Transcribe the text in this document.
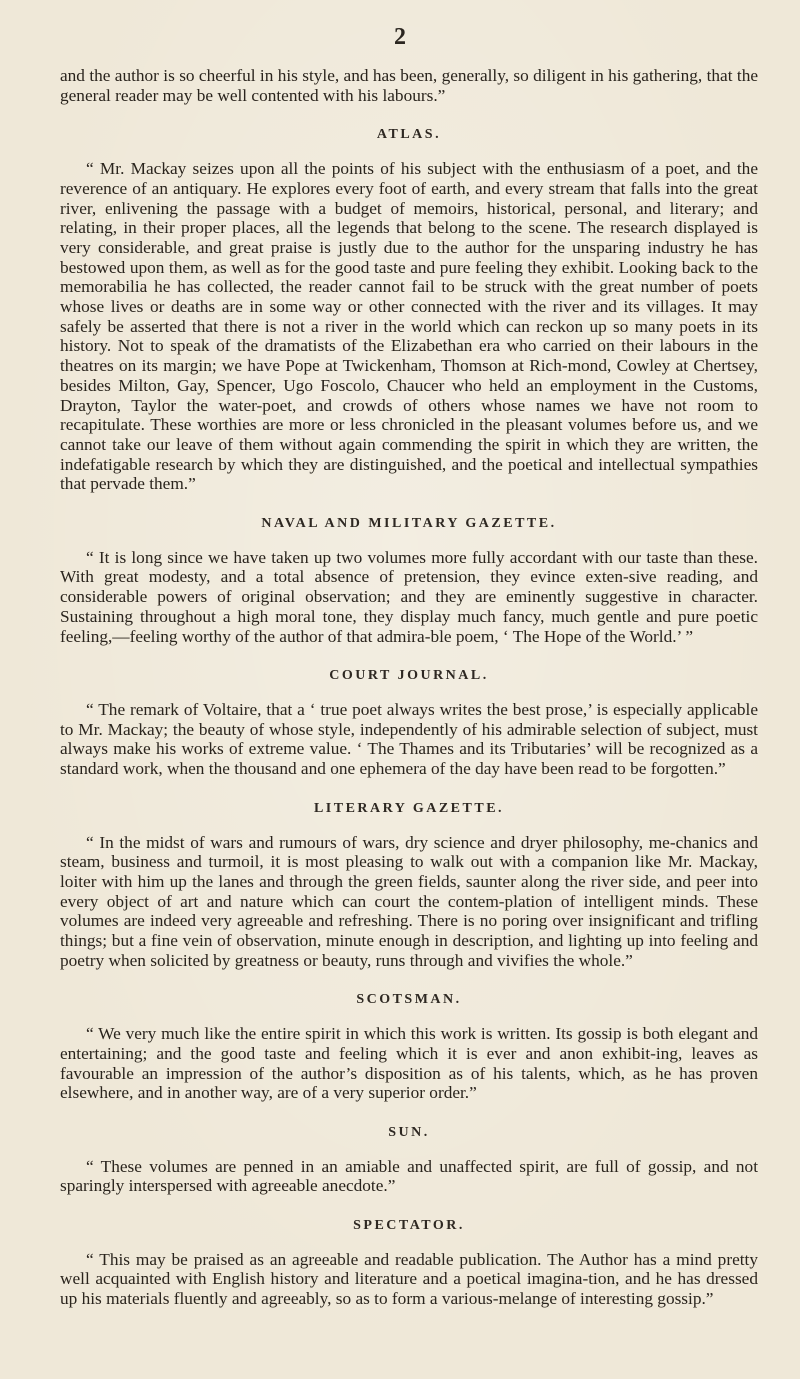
2

and the author is so cheerful in his style, and has been, generally, so diligent in his gathering, that the general reader may be well contented with his labours.”

ATLAS.

“ Mr. Mackay seizes upon all the points of his subject with the enthusiasm of a poet, and the reverence of an antiquary. He explores every foot of earth, and every stream that falls into the great river, enlivening the passage with a budget of memoirs, historical, personal, and literary; and relating, in their proper places, all the legends that belong to the scene. The research displayed is very considerable, and great praise is justly due to the author for the unsparing industry he has bestowed upon them, as well as for the good taste and pure feeling they exhibit. Looking back to the memorabilia he has collected, the reader cannot fail to be struck with the great number of poets whose lives or deaths are in some way or other connected with the river and its villages. It may safely be asserted that there is not a river in the world which can reckon up so many poets in its history. Not to speak of the dramatists of the Elizabethan era who carried on their labours in the theatres on its margin; we have Pope at Twickenham, Thomson at Rich-mond, Cowley at Chertsey, besides Milton, Gay, Spencer, Ugo Foscolo, Chaucer who held an employment in the Customs, Drayton, Taylor the water-poet, and crowds of others whose names we have not room to recapitulate. These worthies are more or less chronicled in the pleasant volumes before us, and we cannot take our leave of them without again commending the spirit in which they are written, the indefatigable research by which they are distinguished, and the poetical and intellectual sympathies that pervade them.”

NAVAL AND MILITARY GAZETTE.

“ It is long since we have taken up two volumes more fully accordant with our taste than these. With great modesty, and a total absence of pretension, they evince exten-sive reading, and considerable powers of original observation; and they are eminently suggestive in character. Sustaining throughout a high moral tone, they display much fancy, much gentle and pure poetic feeling,—feeling worthy of the author of that admira-ble poem, ‘ The Hope of the World.’ ”

COURT JOURNAL.

“ The remark of Voltaire, that a ‘ true poet always writes the best prose,’ is especially applicable to Mr. Mackay; the beauty of whose style, independently of his admirable selection of subject, must always make his works of extreme value. ‘ The Thames and its Tributaries’ will be recognized as a standard work, when the thousand and one ephemera of the day have been read to be forgotten.”

LITERARY GAZETTE.

“ In the midst of wars and rumours of wars, dry science and dryer philosophy, me-chanics and steam, business and turmoil, it is most pleasing to walk out with a companion like Mr. Mackay, loiter with him up the lanes and through the green fields, saunter along the river side, and peer into every object of art and nature which can court the contem-plation of intelligent minds. These volumes are indeed very agreeable and refreshing. There is no poring over insignificant and trifling things; but a fine vein of observation, minute enough in description, and lighting up into feeling and poetry when solicited by greatness or beauty, runs through and vivifies the whole.”

SCOTSMAN.

“ We very much like the entire spirit in which this work is written. Its gossip is both elegant and entertaining; and the good taste and feeling which it is ever and anon exhibit-ing, leaves as favourable an impression of the author’s disposition as of his talents, which, as he has proven elsewhere, and in another way, are of a very superior order.”

SUN.

“ These volumes are penned in an amiable and unaffected spirit, are full of gossip, and not sparingly interspersed with agreeable anecdote.”

SPECTATOR.

“ This may be praised as an agreeable and readable publication. The Author has a mind pretty well acquainted with English history and literature and a poetical imagina-tion, and he has dressed up his materials fluently and agreeably, so as to form a various-melange of interesting gossip.”
